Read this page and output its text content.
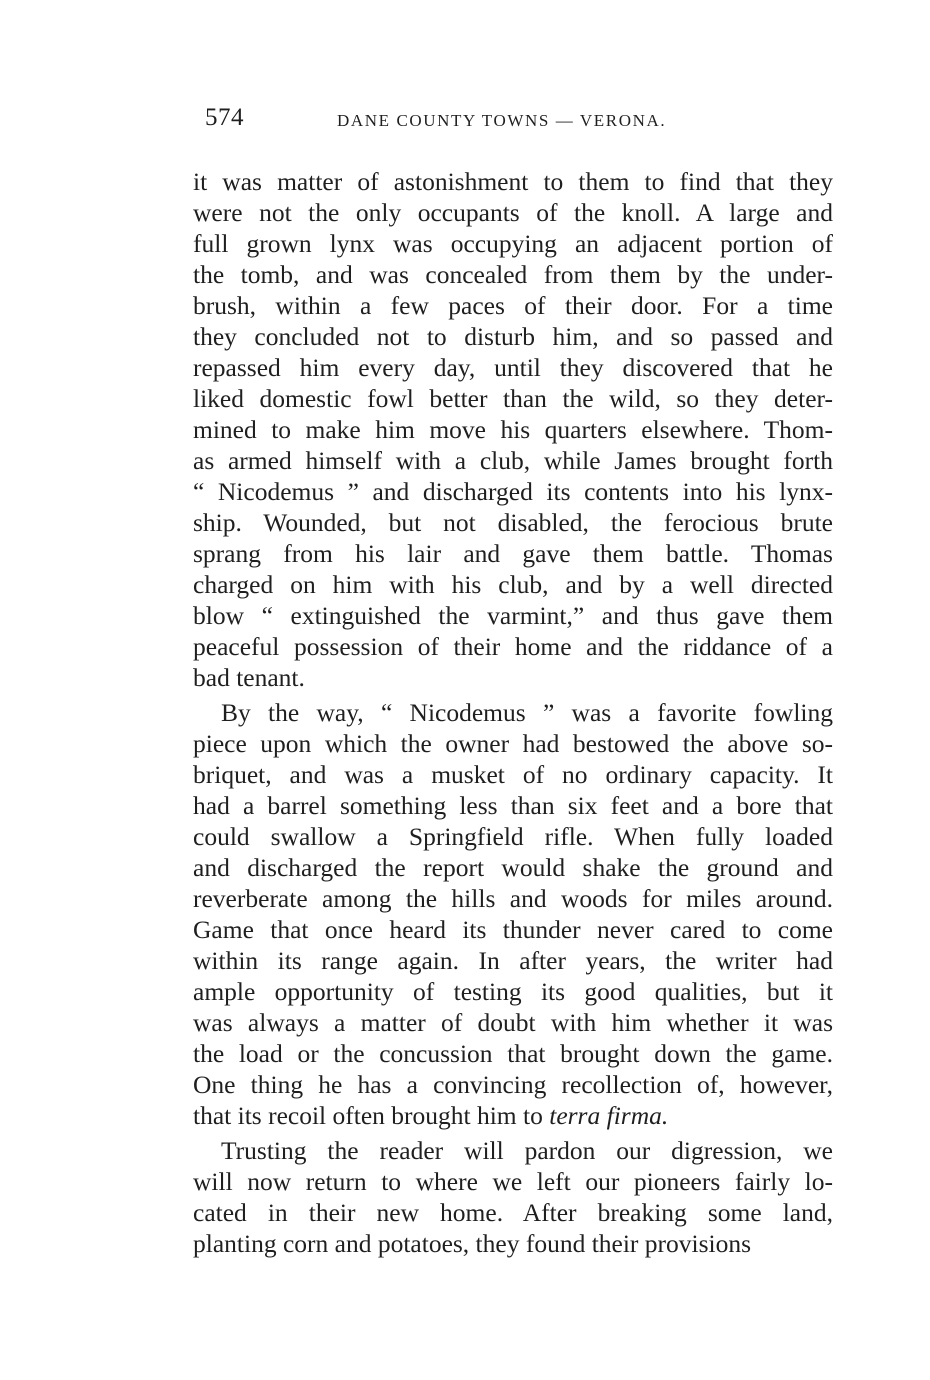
574	DANE COUNTY TOWNS — VERONA.
it was matter of astonishment to them to find that they
were not the only occupants of the knoll. A large and
full grown lynx was occupying an adjacent portion of
the tomb, and was concealed from them by the under-
brush, within a few paces of their door. For a time
they concluded not to disturb him, and so passed and
repassed him every day, until they discovered that he
liked domestic fowl better than the wild, so they deter-
mined to make him move his quarters elsewhere. Thom-
as armed himself with a club, while James brought forth
“ Nicodemus ” and discharged its contents into his lynx-
ship. Wounded, but not disabled, the ferocious brute
sprang from his lair and gave them battle. Thomas
charged on him with his club, and by a well directed
blow “ extinguished the varmint,” and thus gave them
peaceful possession of their home and the riddance of a
bad tenant.
By the way, “ Nicodemus ” was a favorite fowling
piece upon which the owner had bestowed the above so-
briquet, and was a musket of no ordinary capacity. It
had a barrel something less than six feet and a bore that
could swallow a Springfield rifle. When fully loaded
and discharged the report would shake the ground and
reverberate among the hills and woods for miles around.
Game that once heard its thunder never cared to come
within its range again. In after years, the writer had
ample opportunity of testing its good qualities, but it
was always a matter of doubt with him whether it was
the load or the concussion that brought down the game.
One thing he has a convincing recollection of, however,
that its recoil often brought him to terra firma.
Trusting the reader will pardon our digression, we
will now return to where we left our pioneers fairly lo-
cated in their new home. After breaking some land,
planting corn and potatoes, they found their provisions
